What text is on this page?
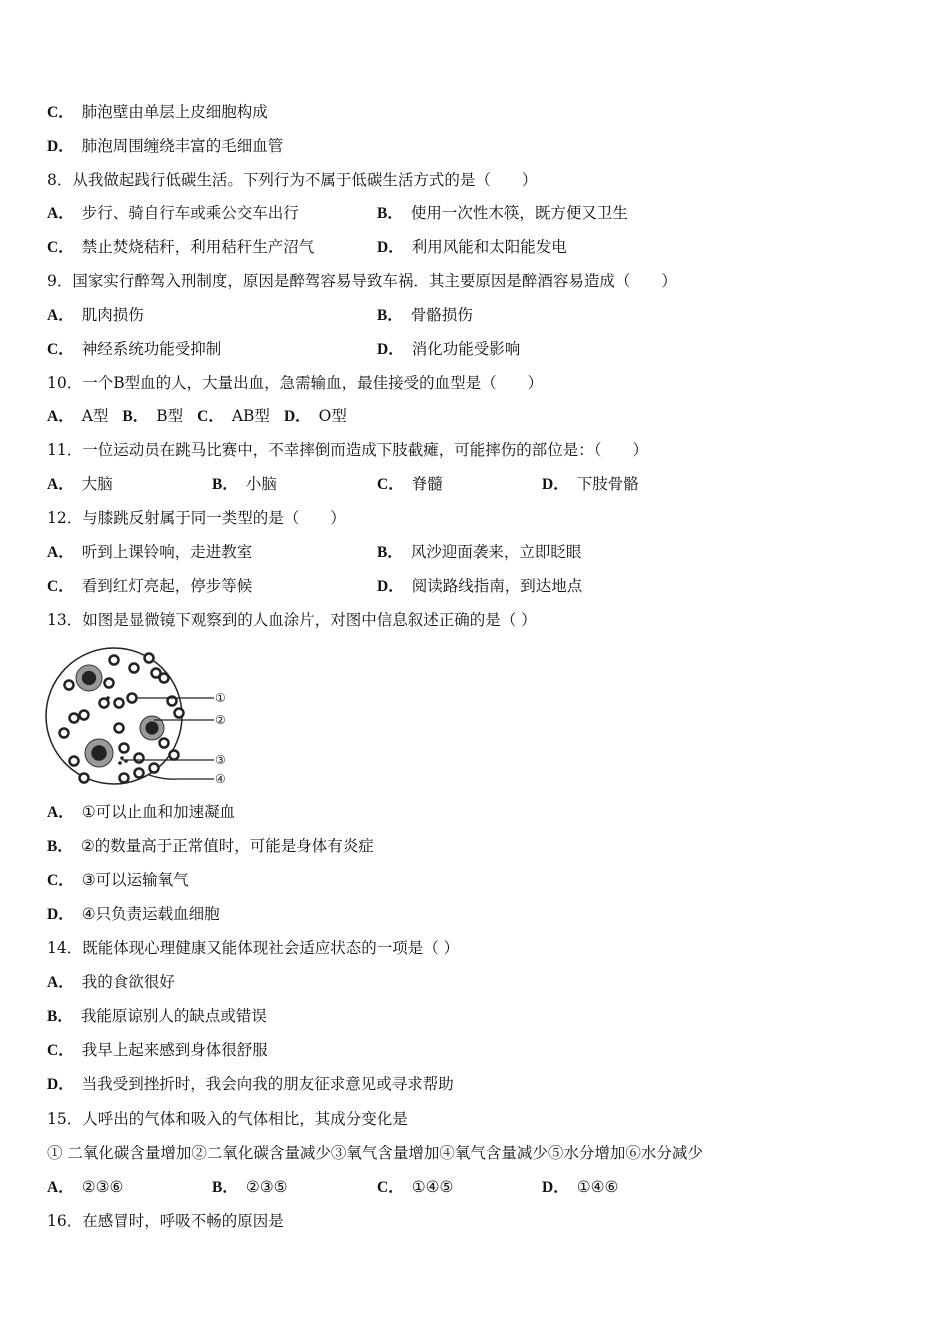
C． 肺泡壁由单层上皮细胞构成
D． 肺泡周围缠绕丰富的毛细血管
8．从我做起践行低碳生活。下列行为不属于低碳生活方式的是（　　）
A． 步行、骑自行车或乘公交车出行	B． 使用一次性木筷，既方便又卫生
C． 禁止焚烧秸秆，利用秸秆生产沼气	D． 利用风能和太阳能发电
9．国家实行醉驾入刑制度，原因是醉驾容易导致车祸．其主要原因是醉酒容易造成（　　）
A． 肌肉损伤	B． 骨骼损伤
C． 神经系统功能受抑制	D． 消化功能受影响
10．一个B型血的人，大量出血，急需输血，最佳接受的血型是（　　）
A． A型 B． B型 C． AB型 D． O型
11．一位运动员在跳马比赛中，不幸摔倒而造成下肢截瘫，可能摔伤的部位是：（　　）
A． 大脑	B． 小脑	C． 脊髓	D． 下肢骨骼
12．与膝跳反射属于同一类型的是（　　）
A． 听到上课铃响，走进教室	B． 风沙迎面袭来，立即眨眼
C． 看到红灯亮起，停步等候	D． 阅读路线指南，到达地点
13．如图是显微镜下观察到的人血涂片，对图中信息叙述正确的是（ ）
A． ①可以止血和加速凝血
B． ②的数量高于正常值时，可能是身体有炎症
C． ③可以运输氧气
D． ④只负责运载血细胞
14．既能体现心理健康又能体现社会适应状态的一项是（ ）
A． 我的食欲很好
B． 我能原谅别人的缺点或错误
C． 我早上起来感到身体很舒服
D． 当我受到挫折时，我会向我的朋友征求意见或寻求帮助
15．人呼出的气体和吸入的气体相比，其成分变化是
① 二氧化碳含量增加②二氧化碳含量减少③氧气含量增加④氧气含量减少⑤水分增加⑥水分减少
A． ②③⑥	B． ②③⑤	C． ①④⑤	D． ①④⑥
16．在感冒时，呼吸不畅的原因是
①
②
③
④
